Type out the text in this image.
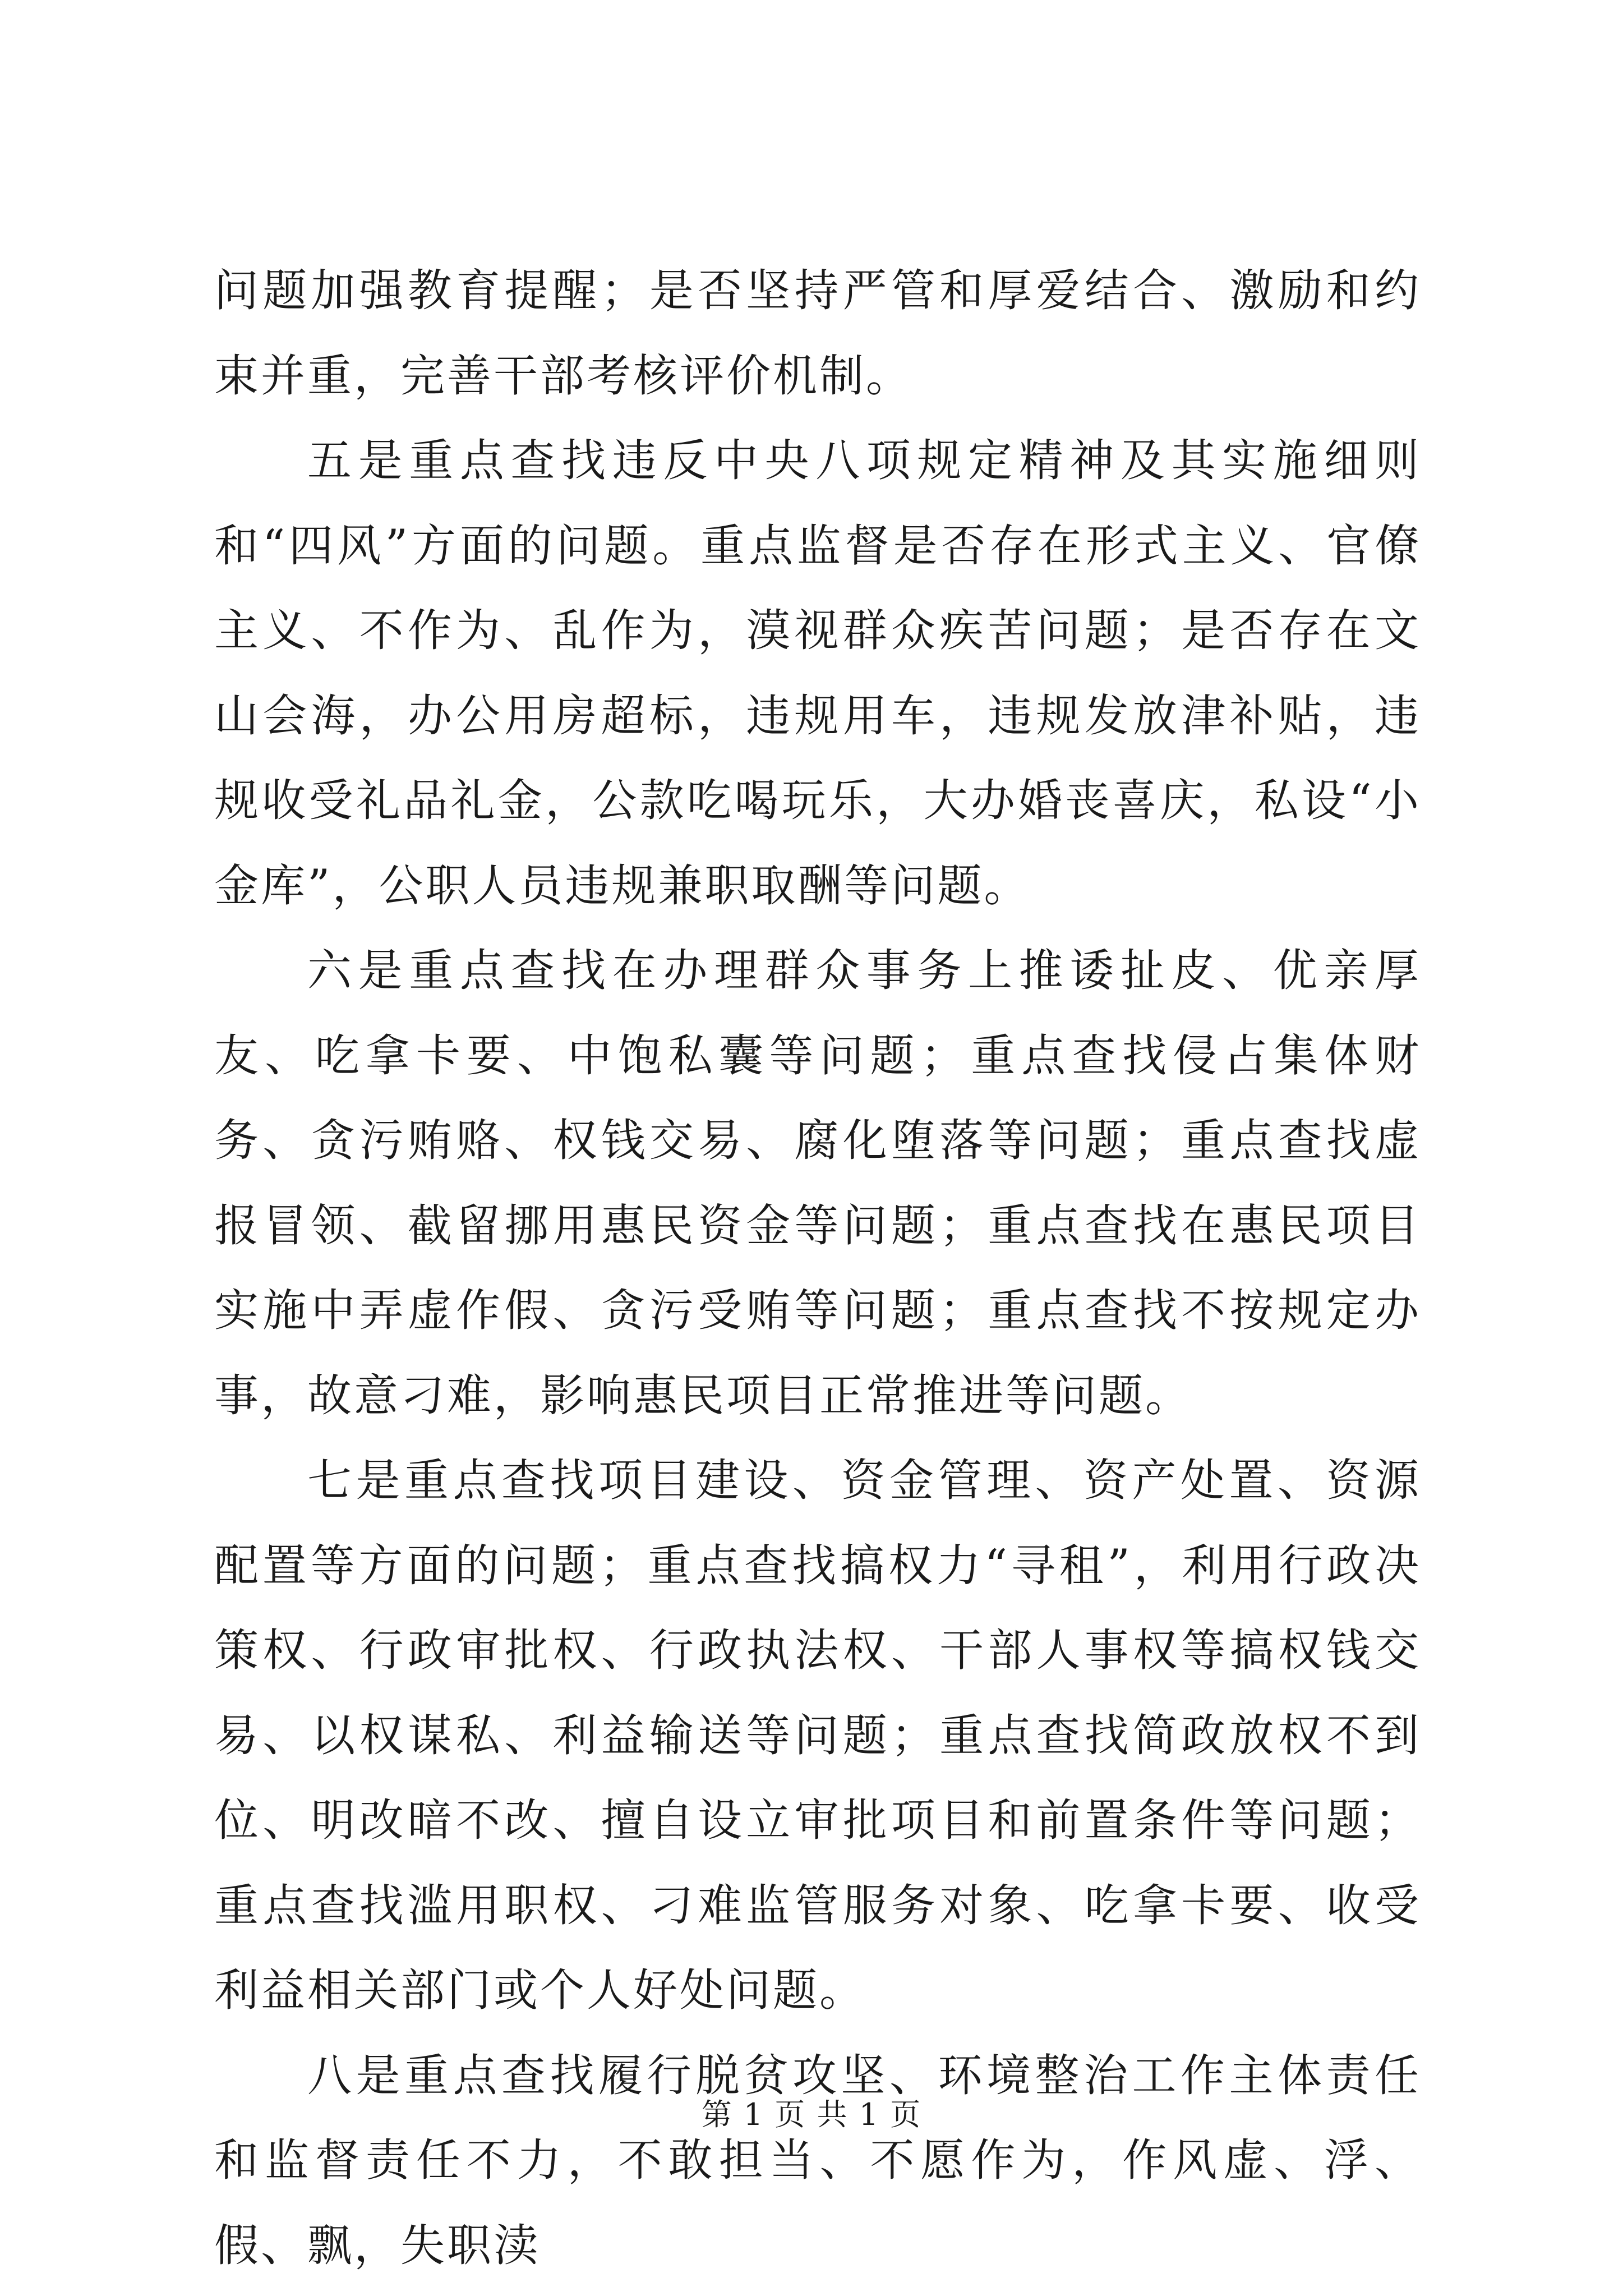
问题加强教育提醒；是否坚持严管和厚爱结合、激励和约束并重，完善干部考核评价机制。

五是重点查找违反中央八项规定精神及其实施细则和“四风”方面的问题。重点监督是否存在形式主义、官僚主义、不作为、乱作为，漠视群众疾苦问题；是否存在文山会海，办公用房超标，违规用车，违规发放津补贴，违规收受礼品礼金，公款吃喝玩乐，大办婚丧喜庆，私设“小金库”，公职人员违规兼职取酬等问题。

六是重点查找在办理群众事务上推诿扯皮、优亲厚友、吃拿卡要、中饱私囊等问题；重点查找侵占集体财务、贪污贿赂、权钱交易、腐化堕落等问题；重点查找虚报冒领、截留挪用惠民资金等问题；重点查找在惠民项目实施中弄虚作假、贪污受贿等问题；重点查找不按规定办事，故意刁难，影响惠民项目正常推进等问题。

七是重点查找项目建设、资金管理、资产处置、资源配置等方面的问题；重点查找搞权力“寻租”，利用行政决策权、行政审批权、行政执法权、干部人事权等搞权钱交易、以权谋私、利益输送等问题；重点查找简政放权不到位、明改暗不改、擅自设立审批项目和前置条件等问题；重点查找滥用职权、刁难监管服务对象、吃拿卡要、收受利益相关部门或个人好处问题。

八是重点查找履行脱贫攻坚、环境整治工作主体责任和监督责任不力，不敢担当、不愿作为，作风虚、浮、假、飘，失职渎

第 1 页 共 1 页
